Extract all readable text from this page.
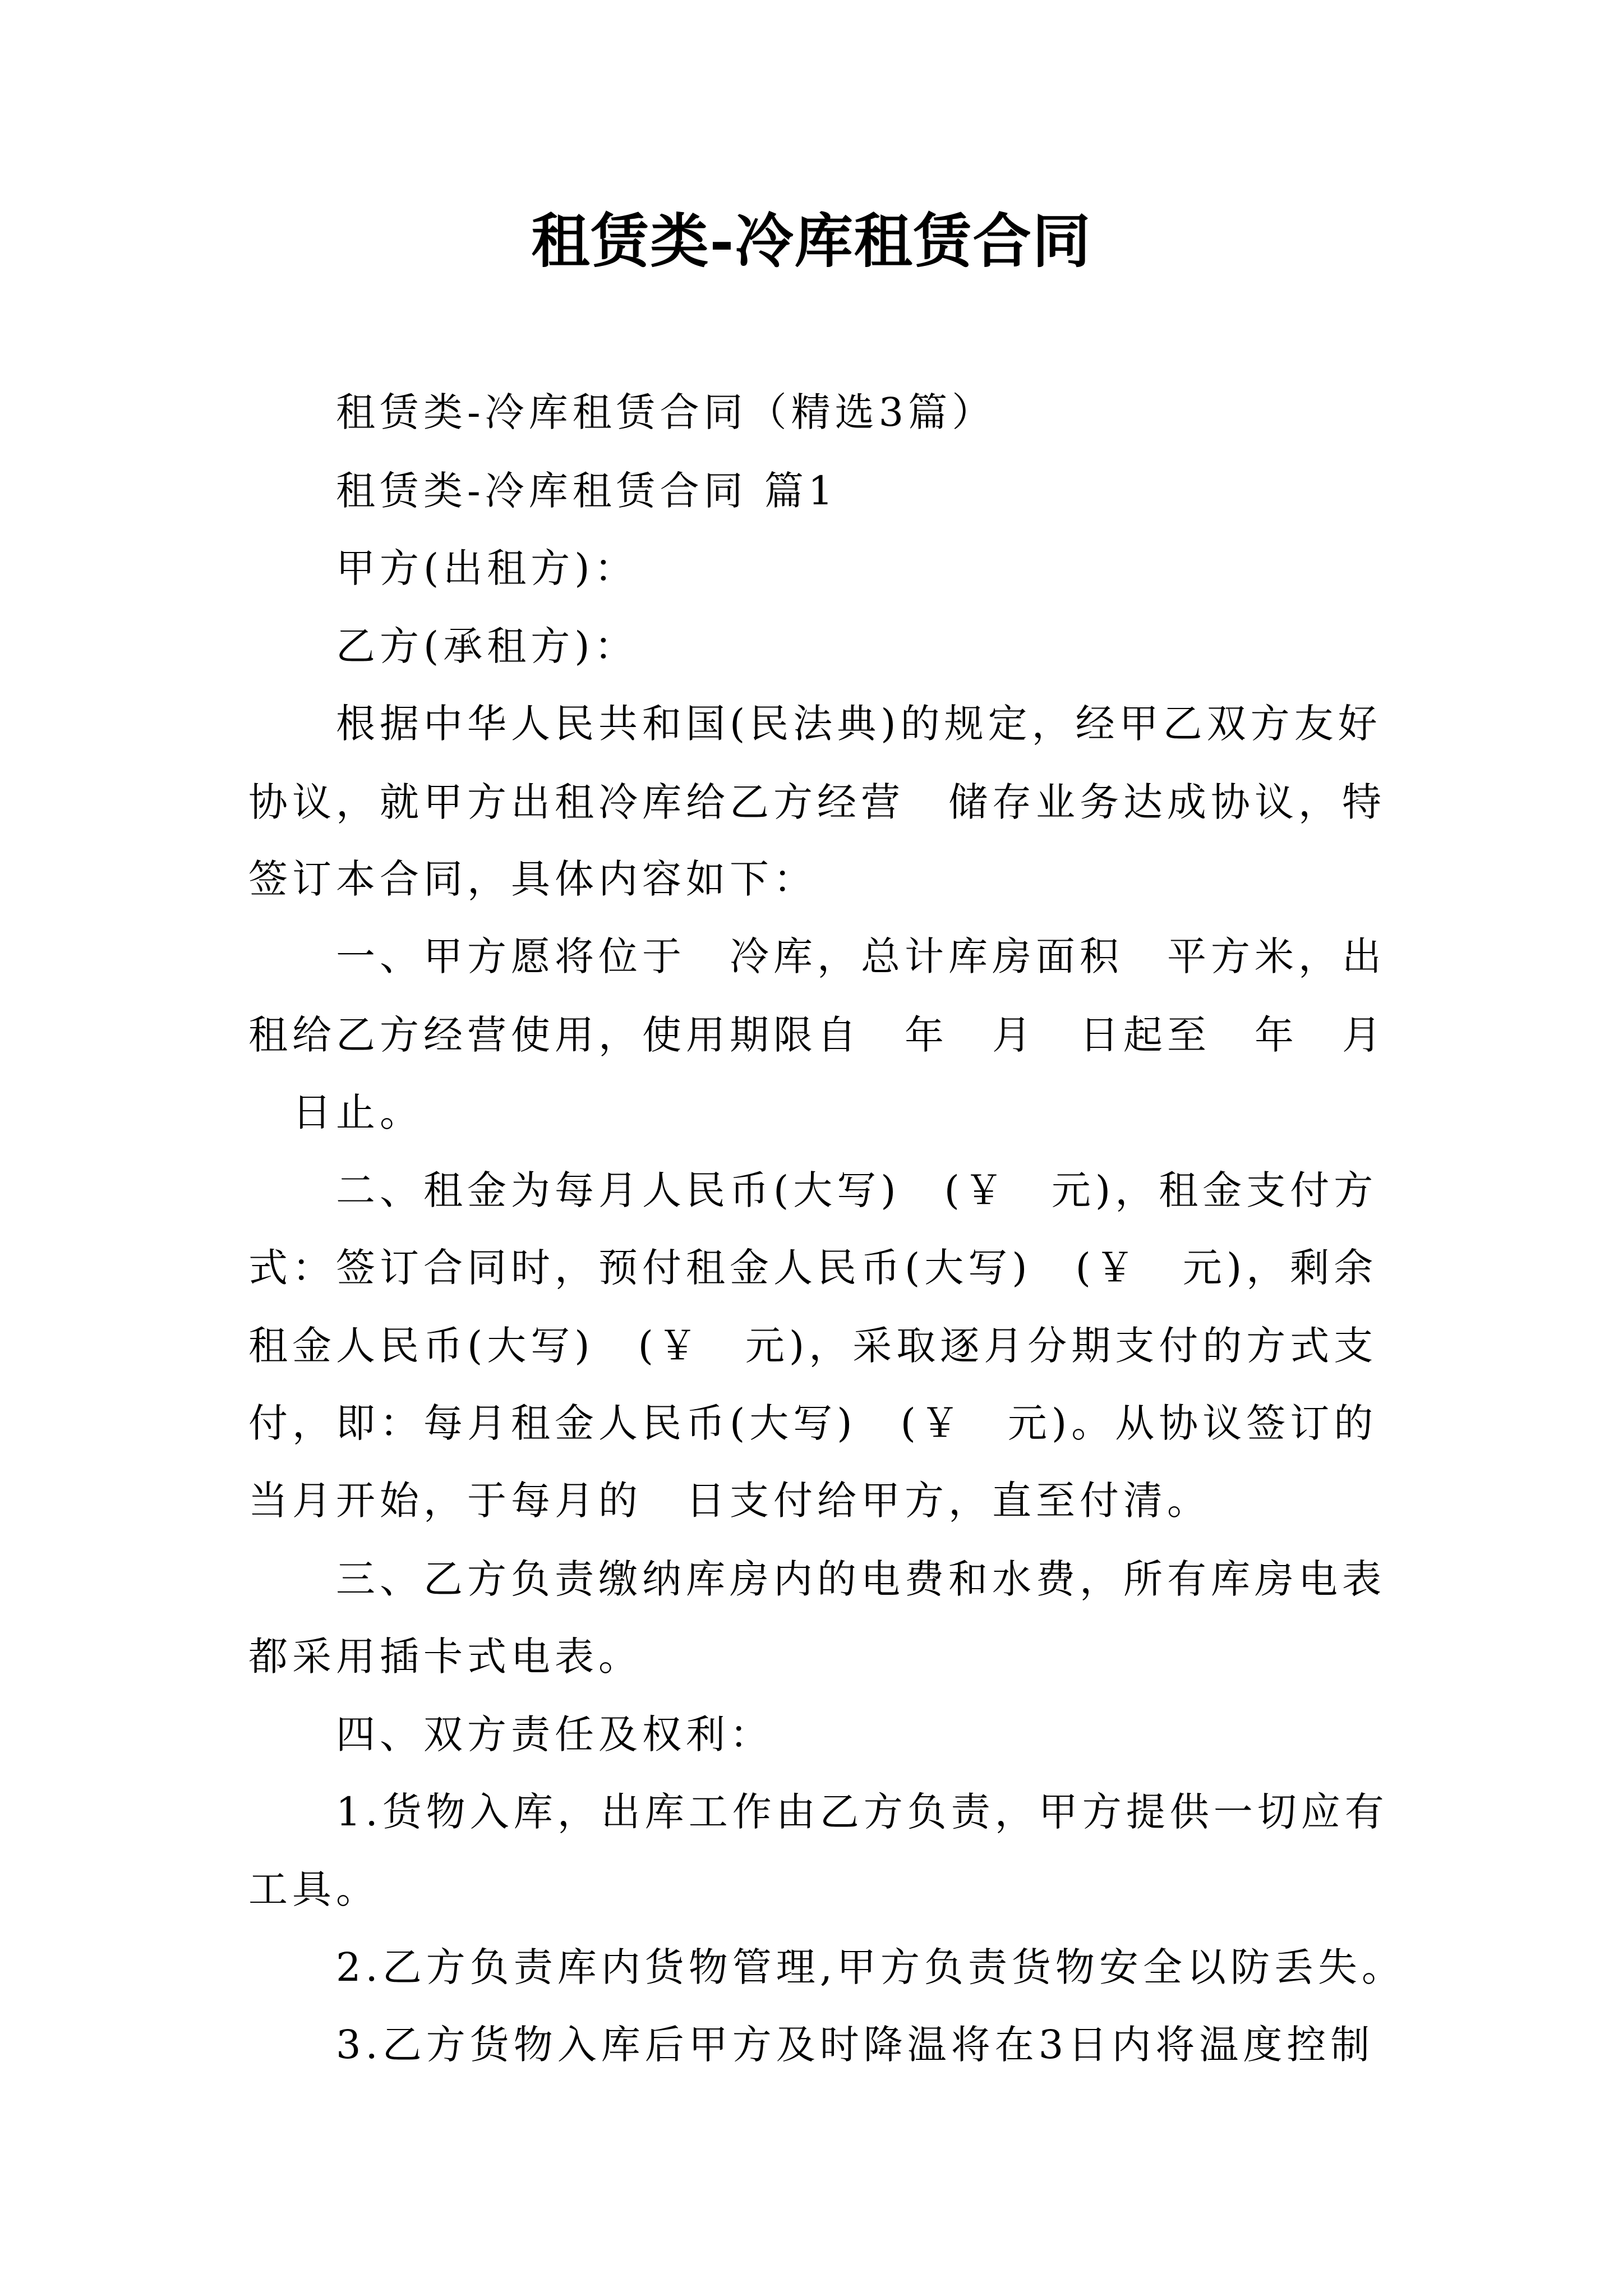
租赁类-冷库租赁合同
　　租赁类-冷库租赁合同（精选3篇）
　　租赁类-冷库租赁合同 篇1
　　甲方(出租方)：
　　乙方(承租方)：
　　根据中华人民共和国(民法典)的规定，经甲乙双方友好
协议，就甲方出租冷库给乙方经营　储存业务达成协议，特
签订本合同，具体内容如下：
　　一、甲方愿将位于　冷库，总计库房面积　平方米，出
租给乙方经营使用，使用期限自　年　月　日起至　年　月
　日止。
　　二、租金为每月人民币(大写)　(￥　元)，租金支付方
式：签订合同时，预付租金人民币(大写)　(￥　元)，剩余
租金人民币(大写)　(￥　元)，采取逐月分期支付的方式支
付，即：每月租金人民币(大写)　(￥　元)。从协议签订的
当月开始，于每月的　日支付给甲方，直至付清。
　　三、乙方负责缴纳库房内的电费和水费，所有库房电表
都采用插卡式电表。
　　四、双方责任及权利：
　　1.货物入库，出库工作由乙方负责，甲方提供一切应有
工具。
　　2.乙方负责库内货物管理,甲方负责货物安全以防丢失。
　　3.乙方货物入库后甲方及时降温将在3日内将温度控制
